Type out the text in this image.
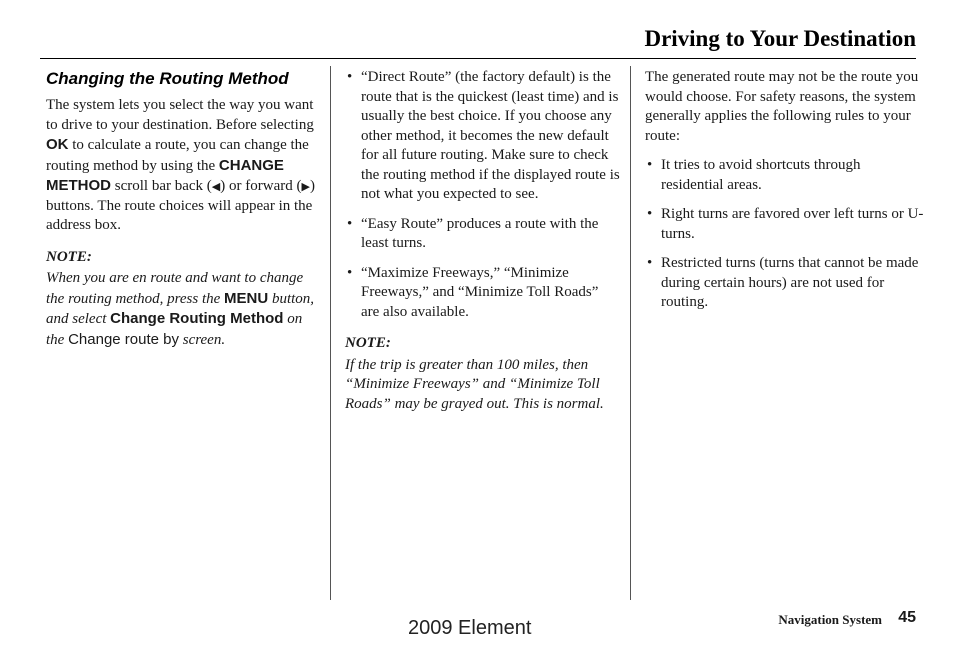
Driving to Your Destination
Changing the Routing Method

The system lets you select the way you want to drive to your destination. Before selecting OK to calculate a route, you can change the routing method by using the CHANGE METHOD scroll bar back (◀) or forward (▶) buttons. The route choices will appear in the address box.

NOTE:

When you are en route and want to change the routing method, press the MENU button, and select Change Routing Method on the Change route by screen.

• “Direct Route” (the factory default) is the route that is the quickest (least time) and is usually the best choice. If you choose any other method, it becomes the new default for all future routing. Make sure to check the routing method if the displayed route is not what you expected to see.
• “Easy Route” produces a route with the least turns.
• “Maximize Freeways,” “Minimize Freeways,” and “Minimize Toll Roads” are also available.
NOTE:

If the trip is greater than 100 miles, then “Minimize Freeways” and “Minimize Toll Roads” may be grayed out. This is normal.

The generated route may not be the route you would choose. For safety reasons, the system generally applies the following rules to your route:

• It tries to avoid shortcuts through residential areas.
• Right turns are favored over left turns or U-turns.
• Restricted turns (turns that cannot be made during certain hours) are not used for routing.
Navigation System 45
2009 Element
